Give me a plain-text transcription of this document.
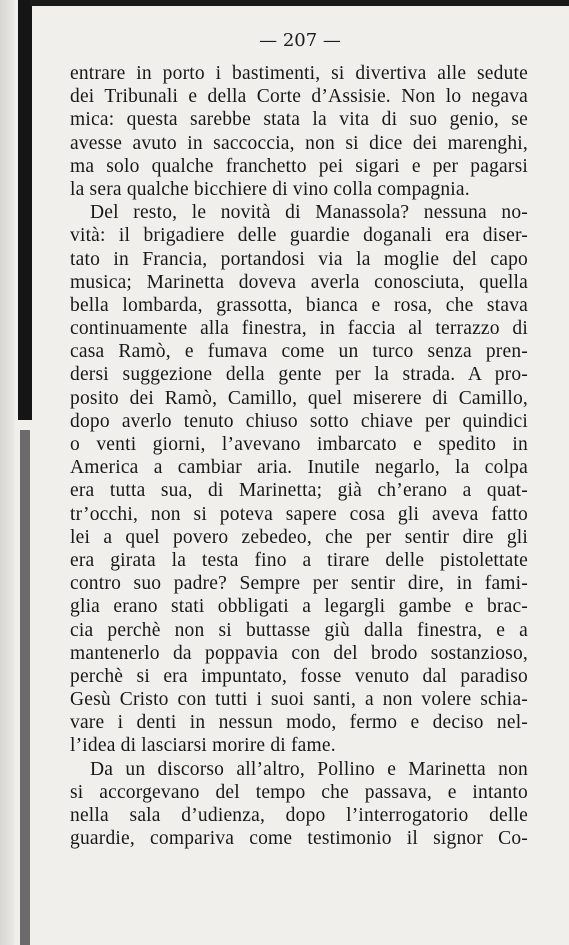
— 207 —
entrare in porto i bastimenti, si divertiva alle sedute
dei Tribunali e della Corte d’Assisie. Non lo negava
mica: questa sarebbe stata la vita di suo genio, se
avesse avuto in saccoccia, non si dice dei marenghi,
ma solo qualche franchetto pei sigari e per pagarsi
la sera qualche bicchiere di vino colla compagnia.
Del resto, le novità di Manassola? nessuna no-
vità: il brigadiere delle guardie doganali era diser-
tato in Francia, portandosi via la moglie del capo
musica; Marinetta doveva averla conosciuta, quella
bella lombarda, grassotta, bianca e rosa, che stava
continuamente alla finestra, in faccia al terrazzo di
casa Ramò, e fumava come un turco senza pren-
dersi suggezione della gente per la strada. A pro-
posito dei Ramò, Camillo, quel miserere di Camillo,
dopo averlo tenuto chiuso sotto chiave per quindici
o venti giorni, l’avevano imbarcato e spedito in
America a cambiar aria. Inutile negarlo, la colpa
era tutta sua, di Marinetta; già ch’erano a quat-
tr’occhi, non si poteva sapere cosa gli aveva fatto
lei a quel povero zebedeo, che per sentir dire gli
era girata la testa fino a tirare delle pistolettate
contro suo padre? Sempre per sentir dire, in fami-
glia erano stati obbligati a legargli gambe e brac-
cia perchè non si buttasse giù dalla finestra, e a
mantenerlo da poppavia con del brodo sostanzioso,
perchè si era impuntato, fosse venuto dal paradiso
Gesù Cristo con tutti i suoi santi, a non volere schia-
vare i denti in nessun modo, fermo e deciso nel-
l’idea di lasciarsi morire di fame.
Da un discorso all’altro, Pollino e Marinetta non
si accorgevano del tempo che passava, e intanto
nella sala d’udienza, dopo l’interrogatorio delle
guardie, compariva come testimonio il signor Co-
